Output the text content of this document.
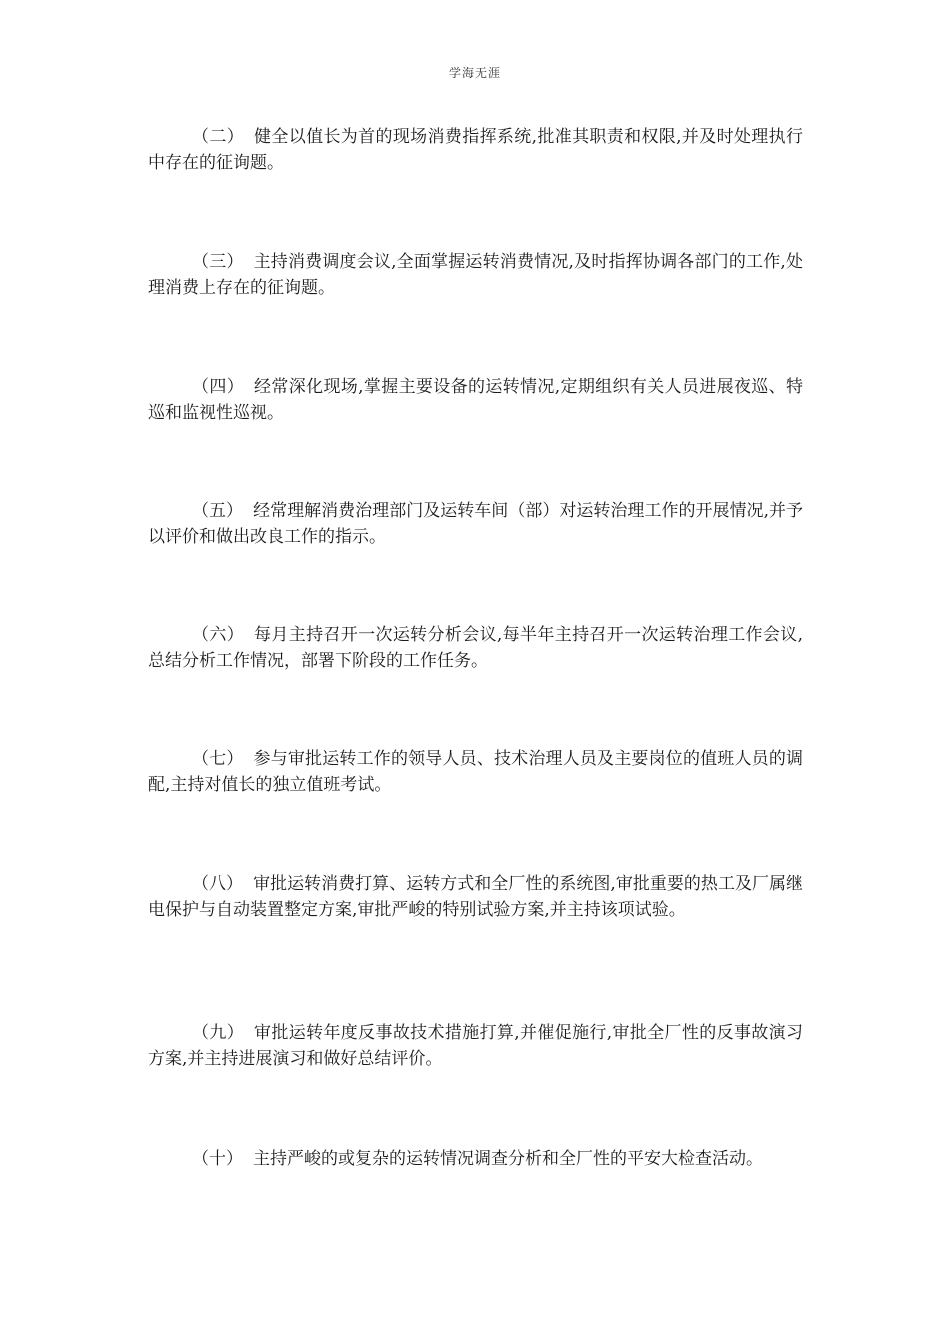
学海无涯

（二） 健全以值长为首的现场消费指挥系统,批准其职责和权限,并及时处理执行中存在的征询题。

（三） 主持消费调度会议,全面掌握运转消费情况,及时指挥协调各部门的工作,处理消费上存在的征询题。

（四） 经常深化现场,掌握主要设备的运转情况,定期组织有关人员进展夜巡、特巡和监视性巡视。

（五） 经常理解消费治理部门及运转车间（部）对运转治理工作的开展情况,并予以评价和做出改良工作的指示。

（六） 每月主持召开一次运转分析会议,每半年主持召开一次运转治理工作会议,总结分析工作情况，部署下阶段的工作任务。

（七） 参与审批运转工作的领导人员、技术治理人员及主要岗位的值班人员的调配,主持对值长的独立值班考试。

（八） 审批运转消费打算、运转方式和全厂性的系统图,审批重要的热工及厂属继电保护与自动装置整定方案,审批严峻的特别试验方案,并主持该项试验。

（九） 审批运转年度反事故技术措施打算,并催促施行,审批全厂性的反事故演习方案,并主持进展演习和做好总结评价。

（十） 主持严峻的或复杂的运转情况调查分析和全厂性的平安大检查活动。
